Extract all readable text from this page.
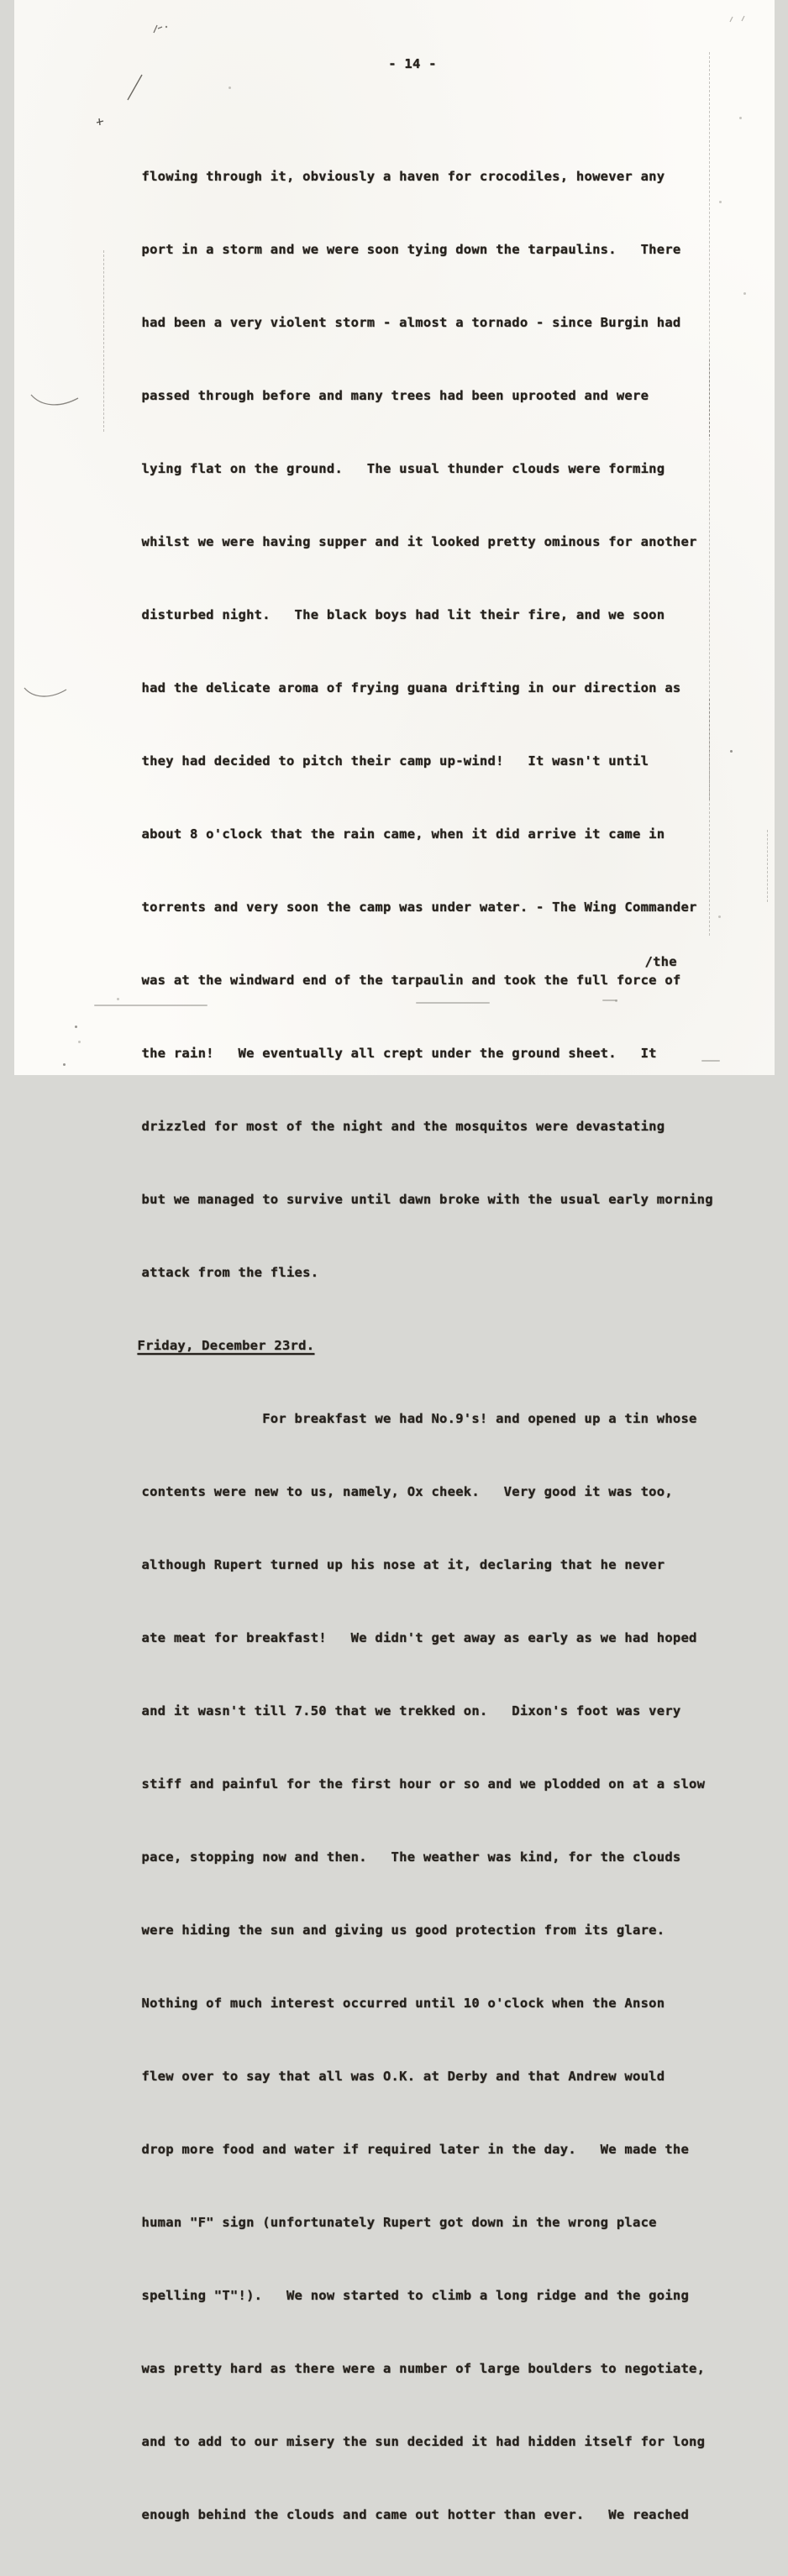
- 14 -

flowing through it, obviously a haven for crocodiles, however any

port in a storm and we were soon tying down the tarpaulins.   There

had been a very violent storm - almost a tornado - since Burgin had

passed through before and many trees had been uprooted and were

lying flat on the ground.   The usual thunder clouds were forming

whilst we were having supper and it looked pretty ominous for another

disturbed night.   The black boys had lit their fire, and we soon

had the delicate aroma of frying guana drifting in our direction as

they had decided to pitch their camp up-wind!   It wasn't until

about 8 o'clock that the rain came, when it did arrive it came in

torrents and very soon the camp was under water. - The Wing Commander

was at the windward end of the tarpaulin and took the full force of

the rain!   We eventually all crept under the ground sheet.   It

drizzled for most of the night and the mosquitos were devastating

but we managed to survive until dawn broke with the usual early morning

attack from the flies.

Friday, December 23rd.

For breakfast we had No.9's! and opened up a tin whose

contents were new to us, namely, Ox cheek.   Very good it was too,

although Rupert turned up his nose at it, declaring that he never

ate meat for breakfast!   We didn't get away as early as we had hoped

and it wasn't till 7.50 that we trekked on.   Dixon's foot was very

stiff and painful for the first hour or so and we plodded on at a slow

pace, stopping now and then.   The weather was kind, for the clouds

were hiding the sun and giving us good protection from its glare.

Nothing of much interest occurred until 10 o'clock when the Anson

flew over to say that all was O.K. at Derby and that Andrew would

drop more food and water if required later in the day.   We made the

human "F" sign (unfortunately Rupert got down in the wrong place

spelling "T"!).   We now started to climb a long ridge and the going

was pretty hard as there were a number of large boulders to negotiate,

and to add to our misery the sun decided it had hidden itself for long

enough behind the clouds and came out hotter than ever.   We reached

/the
